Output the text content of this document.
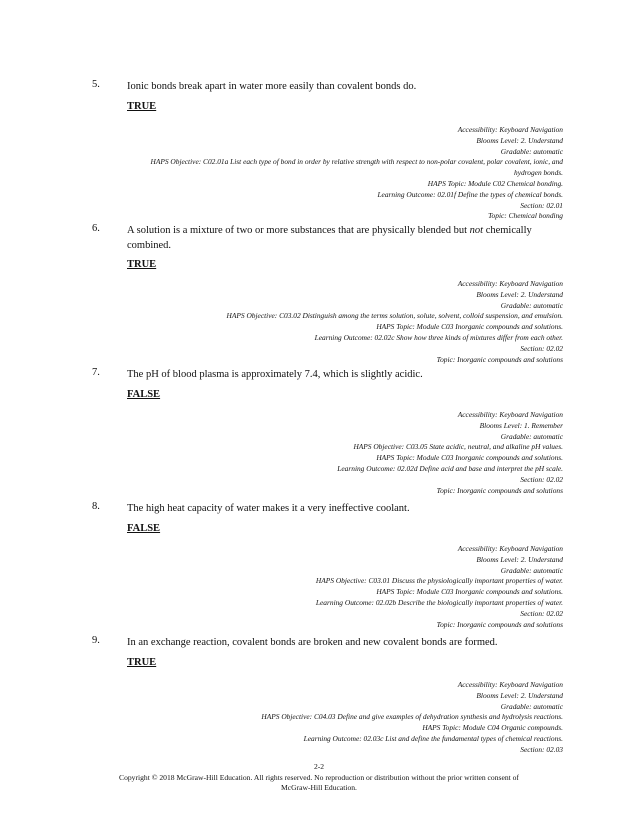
5.	Ionic bonds break apart in water more easily than covalent bonds do.
TRUE
Accessibility: Keyboard Navigation
Blooms Level: 2. Understand
Gradable: automatic
HAPS Objective: C02.01a List each type of bond in order by relative strength with respect to non-polar covalent, polar covalent, ionic, and
hydrogen bonds.
HAPS Topic: Module C02 Chemical bonding.
Learning Outcome: 02.01f Define the types of chemical bonds.
Section: 02.01
Topic: Chemical bonding
6.	A solution is a mixture of two or more substances that are physically blended but not chemically combined.
TRUE
Accessibility: Keyboard Navigation
Blooms Level: 2. Understand
Gradable: automatic
HAPS Objective: C03.02 Distinguish among the terms solution, solute, solvent, colloid suspension, and emulsion.
HAPS Topic: Module C03 Inorganic compounds and solutions.
Learning Outcome: 02.02c Show how three kinds of mixtures differ from each other.
Section: 02.02
Topic: Inorganic compounds and solutions
7.	The pH of blood plasma is approximately 7.4, which is slightly acidic.
FALSE
Accessibility: Keyboard Navigation
Blooms Level: 1. Remember
Gradable: automatic
HAPS Objective: C03.05 State acidic, neutral, and alkaline pH values.
HAPS Topic: Module C03 Inorganic compounds and solutions.
Learning Outcome: 02.02d Define acid and base and interpret the pH scale.
Section: 02.02
Topic: Inorganic compounds and solutions
8.	The high heat capacity of water makes it a very ineffective coolant.
FALSE
Accessibility: Keyboard Navigation
Blooms Level: 2. Understand
Gradable: automatic
HAPS Objective: C03.01 Discuss the physiologically important properties of water.
HAPS Topic: Module C03 Inorganic compounds and solutions.
Learning Outcome: 02.02b Describe the biologically important properties of water.
Section: 02.02
Topic: Inorganic compounds and solutions
9.	In an exchange reaction, covalent bonds are broken and new covalent bonds are formed.
TRUE
Accessibility: Keyboard Navigation
Blooms Level: 2. Understand
Gradable: automatic
HAPS Objective: C04.03 Define and give examples of dehydration synthesis and hydrolysis reactions.
HAPS Topic: Module C04 Organic compounds.
Learning Outcome: 02.03c List and define the fundamental types of chemical reactions.
Section: 02.03
2-2
Copyright © 2018 McGraw-Hill Education. All rights reserved. No reproduction or distribution without the prior written consent of
McGraw-Hill Education.
